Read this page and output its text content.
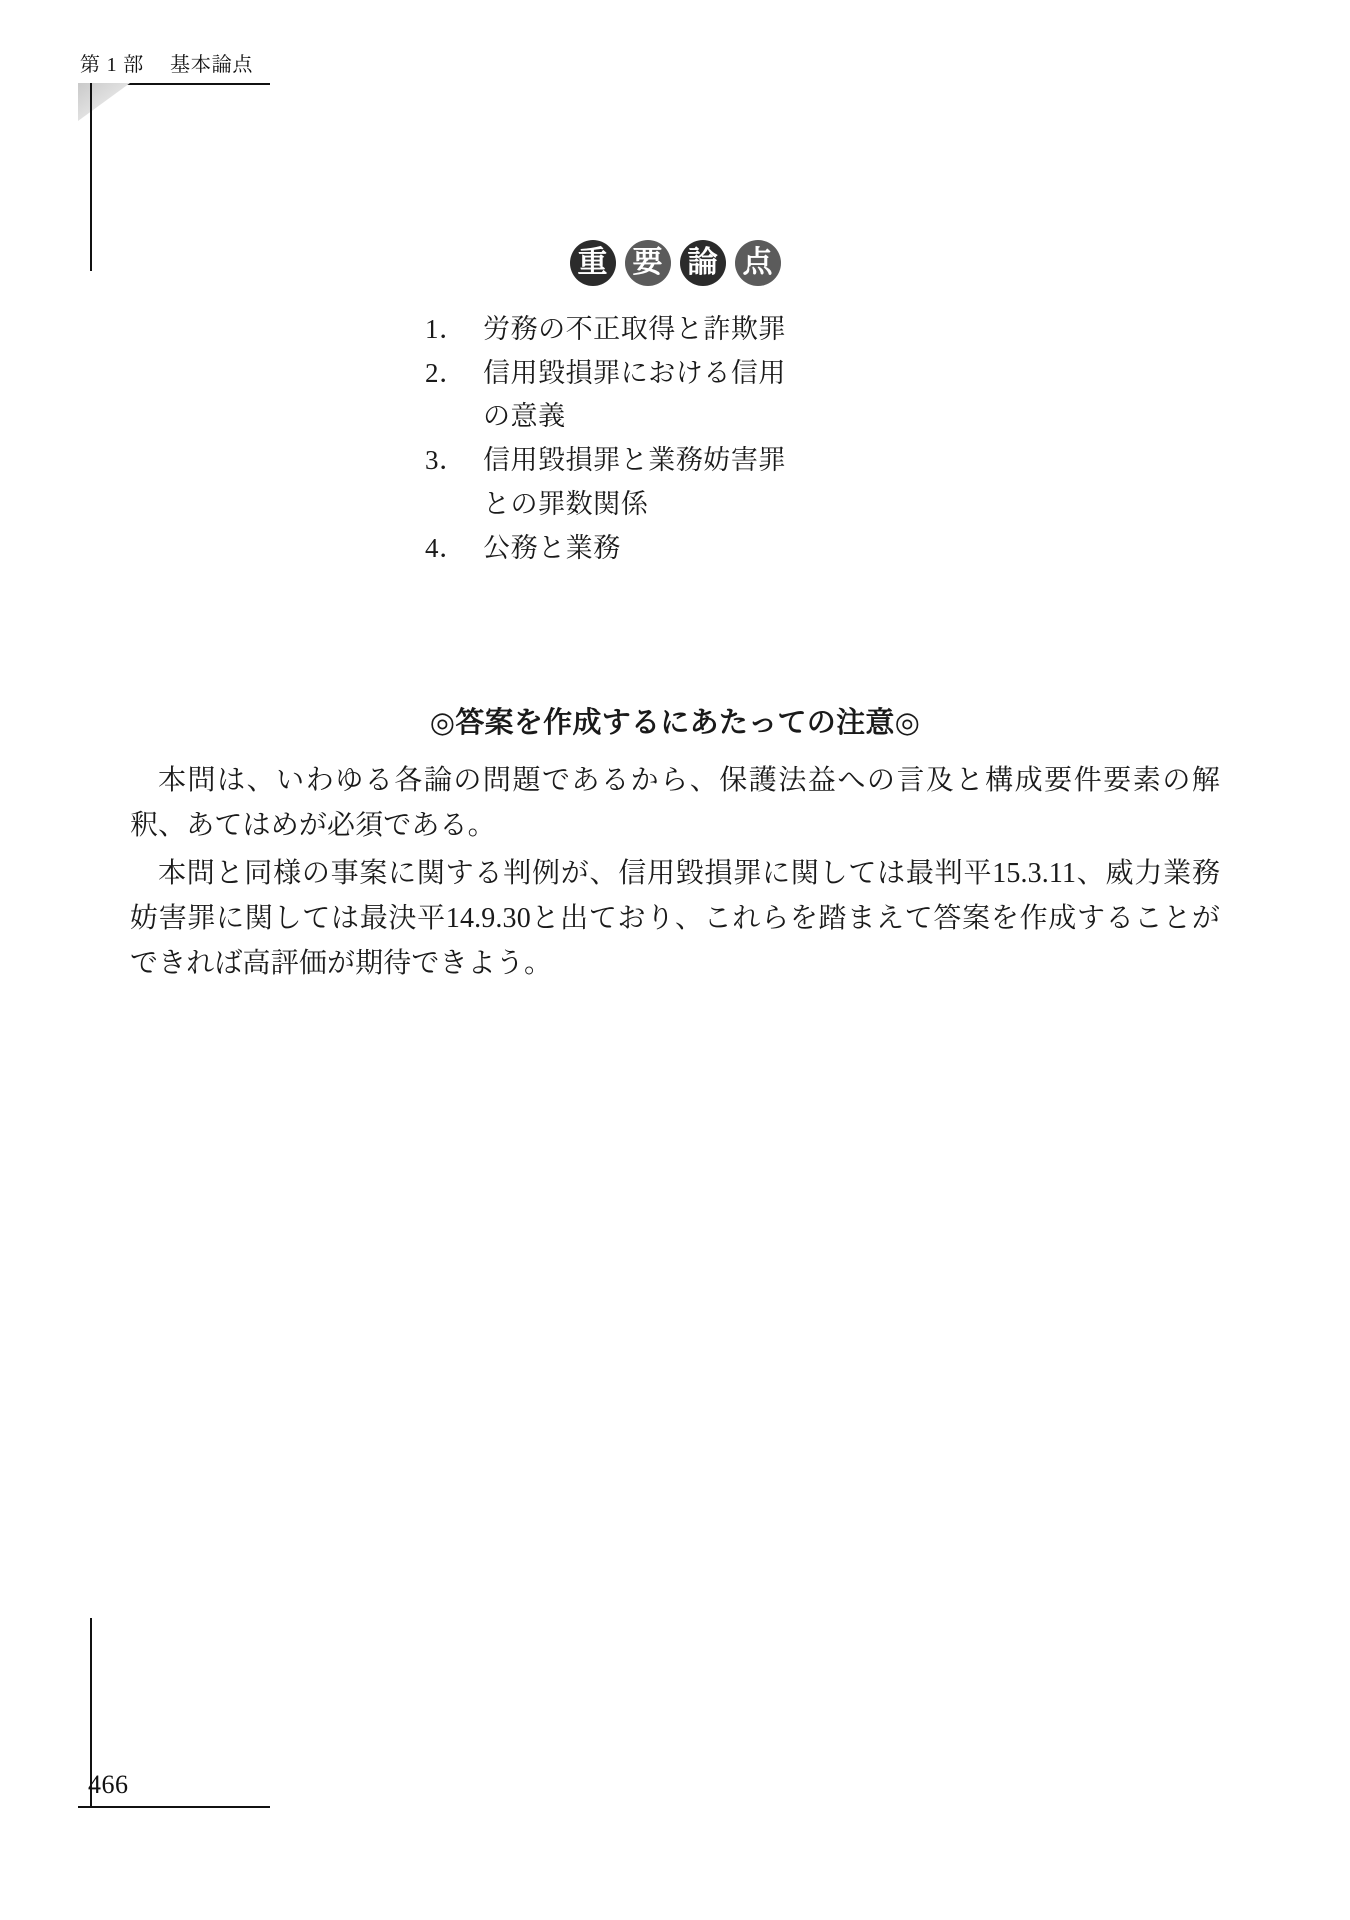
第 1 部 基本論点
重 要 論 点
1． 労務の不正取得と詐欺罪
2． 信用毀損罪における信用
の意義
3． 信用毀損罪と業務妨害罪
との罪数関係
4． 公務と業務
◎答案を作成するにあたっての注意◎

本問は、いわゆる各論の問題であるから、保護法益への言及と構成要件要素の解釈、あてはめが必須である。

本問と同様の事案に関する判例が、信用毀損罪に関しては最判平15.3.11、威力業務妨害罪に関しては最決平14.9.30と出ており、これらを踏まえて答案を作成することができれば高評価が期待できよう。

466
